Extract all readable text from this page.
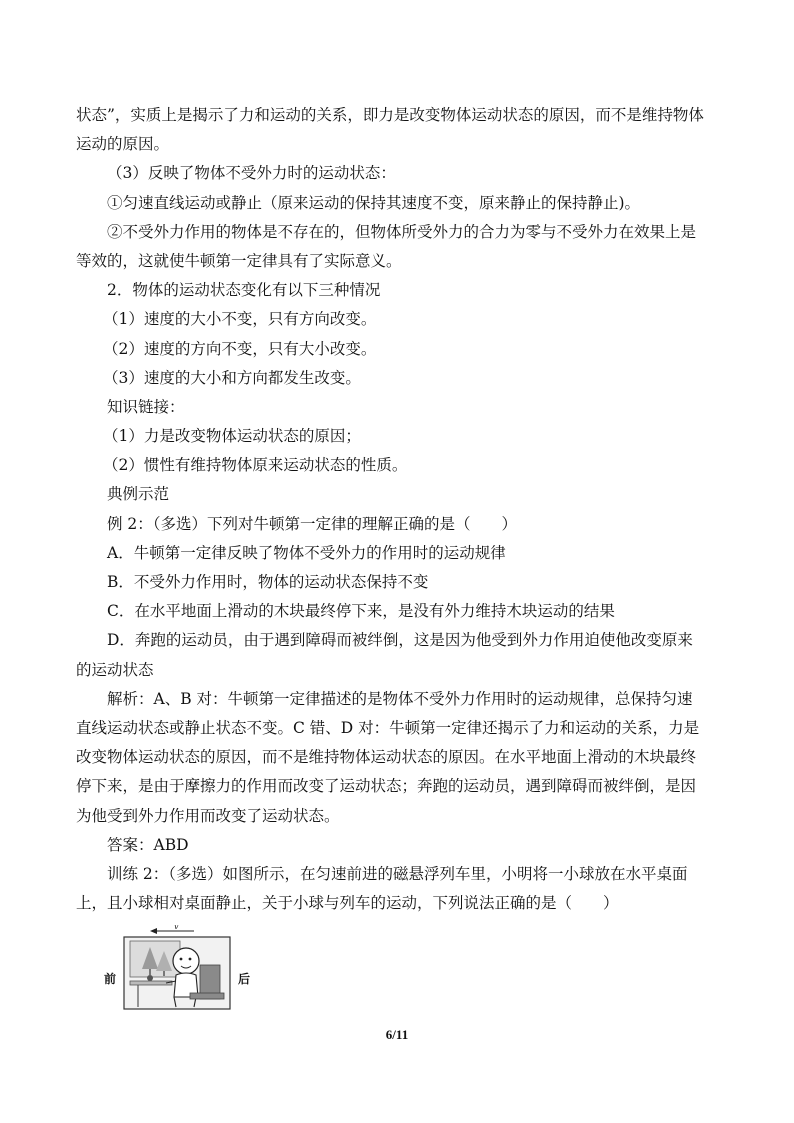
状态”，实质上是揭示了力和运动的关系，即力是改变物体运动状态的原因，而不是维持物体
运动的原因。
（3）反映了物体不受外力时的运动状态：
①匀速直线运动或静止（原来运动的保持其速度不变，原来静止的保持静止)。
②不受外力作用的物体是不存在的，但物体所受外力的合力为零与不受外力在效果上是
等效的，这就使牛顿第一定律具有了实际意义。
2．物体的运动状态变化有以下三种情况
（1）速度的大小不变，只有方向改变。
（2）速度的方向不变，只有大小改变。
（3）速度的大小和方向都发生改变。
知识链接：
（1）力是改变物体运动状态的原因；
（2）惯性有维持物体原来运动状态的性质。
典例示范
例 2：（多选）下列对牛顿第一定律的理解正确的是（　　）
A．牛顿第一定律反映了物体不受外力的作用时的运动规律
B．不受外力作用时，物体的运动状态保持不变
C．在水平地面上滑动的木块最终停下来，是没有外力维持木块运动的结果
D．奔跑的运动员，由于遇到障碍而被绊倒，这是因为他受到外力作用迫使他改变原来
的运动状态
解析：A、B 对：牛顿第一定律描述的是物体不受外力作用时的运动规律，总保持匀速
直线运动状态或静止状态不变。C 错、D 对：牛顿第一定律还揭示了力和运动的关系，力是
改变物体运动状态的原因，而不是维持物体运动状态的原因。在水平地面上滑动的木块最终
停下来，是由于摩擦力的作用而改变了运动状态；奔跑的运动员，遇到障碍而被绊倒，是因
为他受到外力作用而改变了运动状态。
答案：ABD
训练 2：（多选）如图所示，在匀速前进的磁悬浮列车里，小明将一小球放在水平桌面
上，且小球相对桌面静止，关于小球与列车的运动，下列说法正确的是（　　）
前	后
v
6/11
